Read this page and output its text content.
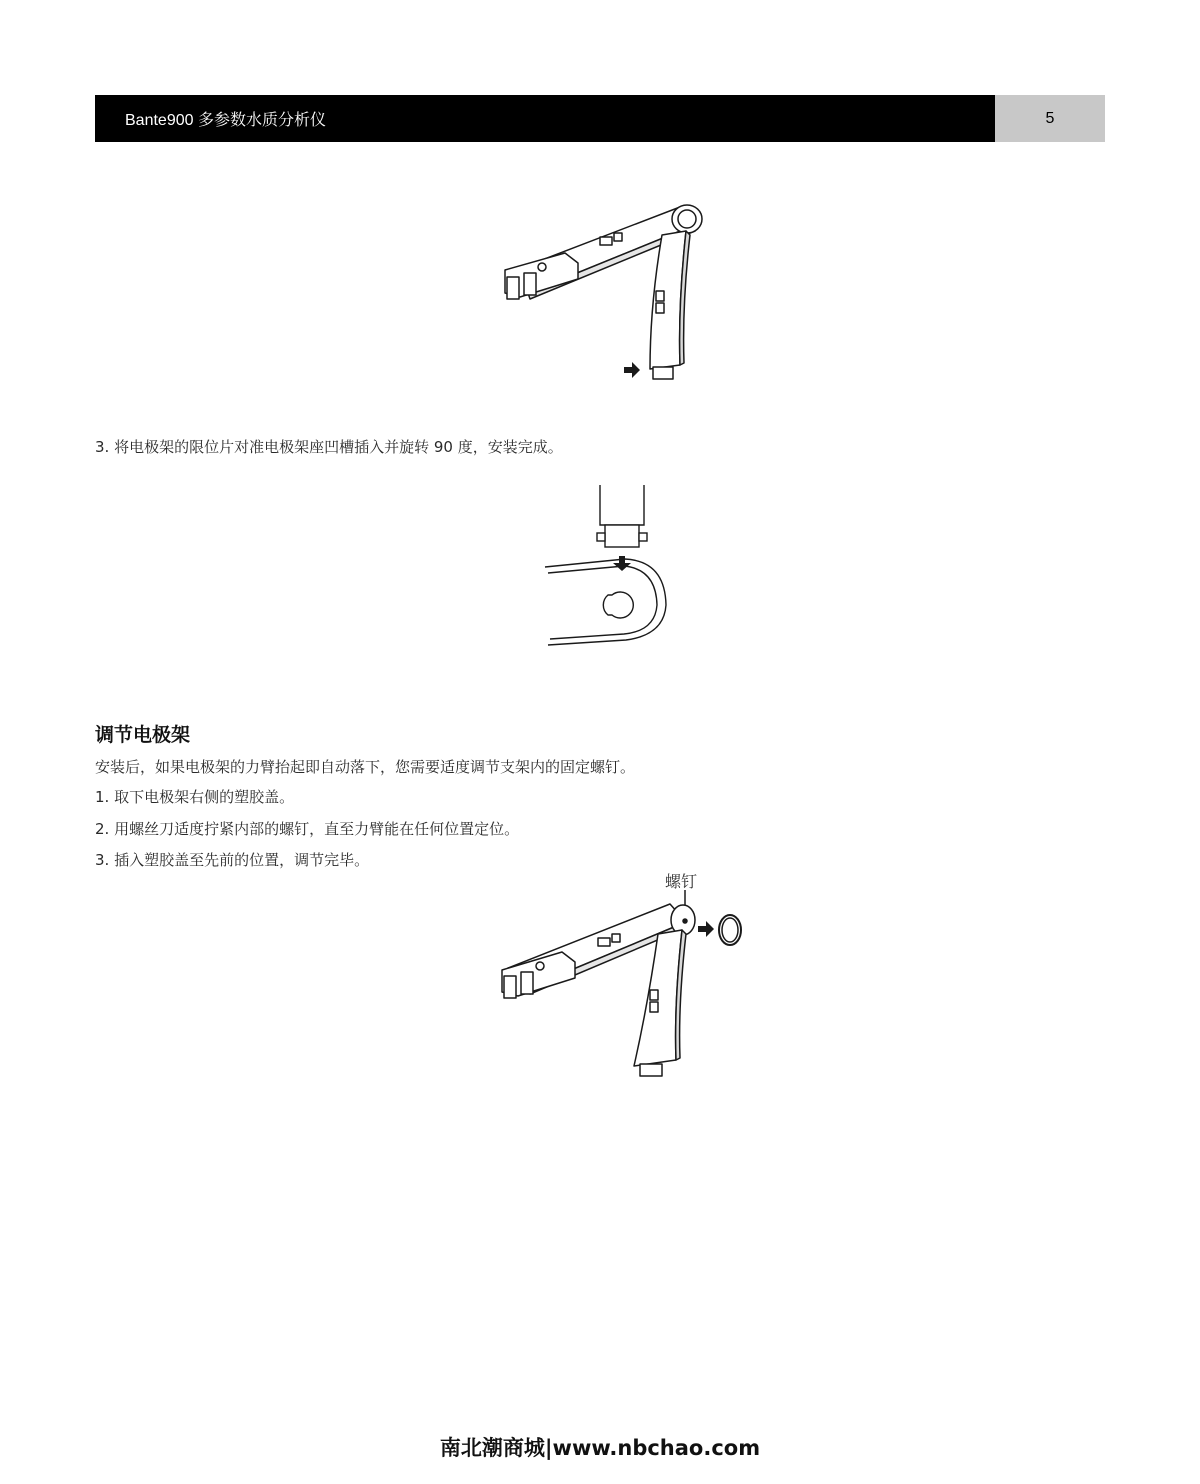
Bante900 多参数水质分析仪	5

3. 将电极架的限位片对准电极架座凹槽插入并旋转 90 度，安装完成。

调节电极架

安装后，如果电极架的力臂抬起即自动落下，您需要适度调节支架内的固定螺钉。

1. 取下电极架右侧的塑胶盖。

2. 用螺丝刀适度拧紧内部的螺钉，直至力臂能在任何位置定位。

3. 插入塑胶盖至先前的位置，调节完毕。

螺钉
南北潮商城|www.nbchao.com
